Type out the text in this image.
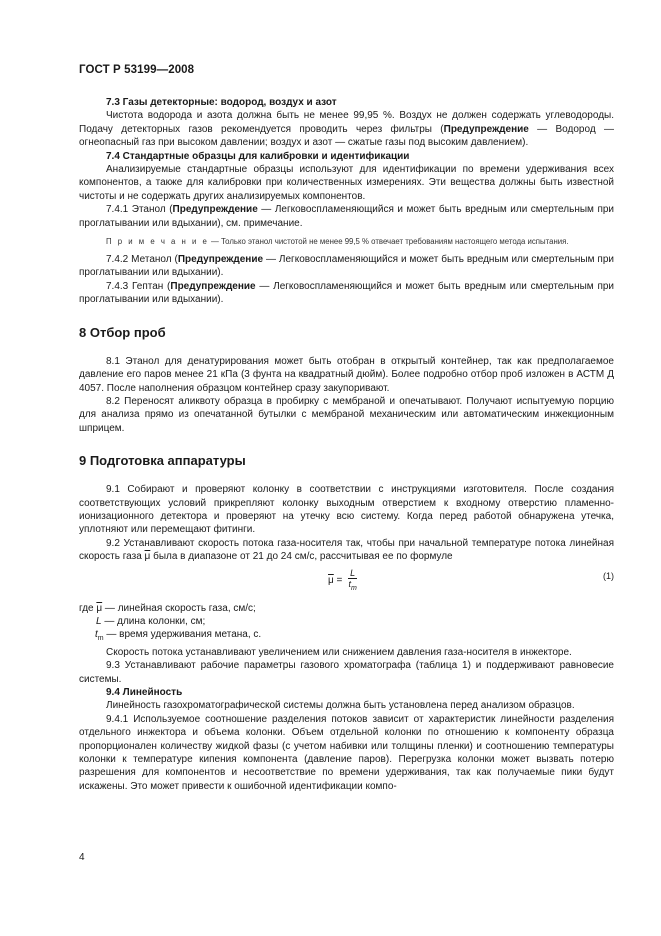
ГОСТ Р 53199—2008

7.3 Газы детекторные: водород, воздух и азот

Чистота водорода и азота должна быть не менее 99,95 %. Воздух не должен содержать углеводороды. Подачу детекторных газов рекомендуется проводить через фильтры (Предупреждение — Водород — огнеопасный газ при высоком давлении; воздух и азот — сжатые газы под высоким давлением).

7.4 Стандартные образцы для калибровки и идентификации

Анализируемые стандартные образцы используют для идентификации по времени удерживания всех компонентов, а также для калибровки при количественных измерениях. Эти вещества должны быть известной чистоты и не содержать других анализируемых компонентов.

7.4.1 Этанол (Предупреждение — Легковоспламеняющийся и может быть вредным или смертельным при проглатывании или вдыхании), см. примечание.

П р и м е ч а н и е — Только этанол чистотой не менее 99,5 % отвечает требованиям настоящего метода испытания.

7.4.2 Метанол (Предупреждение — Легковоспламеняющийся и может быть вредным или смертельным при проглатывании или вдыхании).

7.4.3 Гептан (Предупреждение — Легковоспламеняющийся и может быть вредным или смертельным при проглатывании или вдыхании).

8 Отбор проб

8.1 Этанол для денатурирования может быть отобран в открытый контейнер, так как предполагаемое давление его паров менее 21 кПа (3 фунта на квадратный дюйм). Более подробно отбор проб изложен в АСТМ Д 4057. После наполнения образцом контейнер сразу закупоривают.

8.2 Переносят аликвоту образца в пробирку с мембраной и опечатывают. Получают испытуемую порцию для анализа прямо из опечатанной бутылки с мембраной механическим или автоматическим инжекционным шприцем.

9 Подготовка аппаратуры

9.1 Собирают и проверяют колонку в соответствии с инструкциями изготовителя. После создания соответствующих условий прикрепляют колонку выходным отверстием к входному отверстию пламенно-ионизационного детектора и проверяют на утечку всю систему. Когда перед работой обнаружена утечка, уплотняют или перемещают фитинги.

9.2 Устанавливают скорость потока газа-носителя так, чтобы при начальной температуре потока линейная скорость газа $\overline{\mu}$ была в диапазоне от 21 до 24 см/с, рассчитывая ее по формуле

$\overline{\mu} = \frac{L}{t_m}$	(1)
где $\overline{\mu}$ — линейная скорость газа, см/с;
L — длина колонки, см;
$t_m$ — время удерживания метана, с.

Скорость потока устанавливают увеличением или снижением давления газа-носителя в инжекторе.

9.3 Устанавливают рабочие параметры газового хроматографа (таблица 1) и поддерживают равновесие системы.

9.4 Линейность

Линейность газохроматографической системы должна быть установлена перед анализом образцов.

9.4.1 Используемое соотношение разделения потоков зависит от характеристик линейности разделения отдельного инжектора и объема колонки. Объем отдельной колонки по отношению к компоненту образца пропорционален количеству жидкой фазы (с учетом набивки или толщины пленки) и соотношению температуры колонки к температуре кипения компонента (давление паров). Перегрузка колонки может вызвать потерю разрешения для компонентов и несоответствие по времени удерживания, так как получаемые пики будут искажены. Это может привести к ошибочной идентификации компо-

4
